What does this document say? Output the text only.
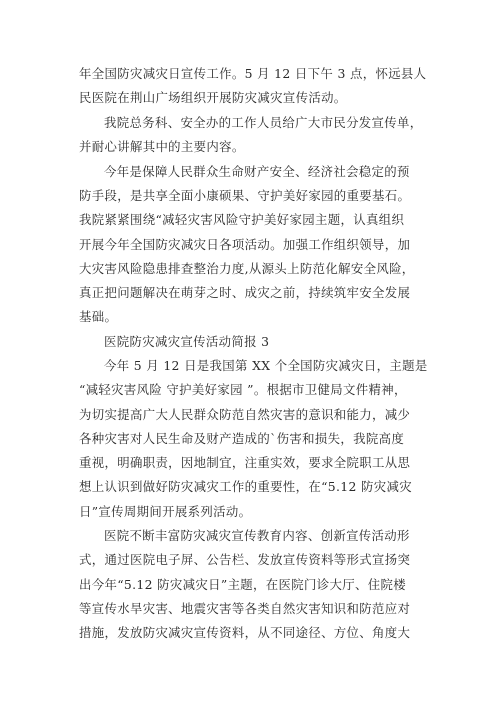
年全国防灾减灾日宣传工作。5 月 12 日下午 3 点，怀远县人
民医院在荆山广场组织开展防灾减灾宣传活动。
我院总务科、安全办的工作人员给广大市民分发宣传单，
并耐心讲解其中的主要内容。
今年是保障人民群众生命财产安全、经济社会稳定的预
防手段，是共享全面小康硕果、守护美好家园的重要基石。
我院紧紧围绕“减轻灾害风险守护美好家园主题，认真组织
开展今年全国防灾减灾日各项活动。加强工作组织领导，加
大灾害风险隐患排查整治力度,从源头上防范化解安全风险，
真正把问题解决在萌芽之时、成灾之前，持续筑牢安全发展
基础。
医院防灾减灾宣传活动简报 3
今年 5 月 12 日是我国第 XX 个全国防灾减灾日，主题是
“减轻灾害风险 守护美好家园 ”。根据市卫健局文件精神，
为切实提高广大人民群众防范自然灾害的意识和能力，减少
各种灾害对人民生命及财产造成的`伤害和损失，我院高度
重视，明确职责，因地制宜，注重实效，要求全院职工从思
想上认识到做好防灾减灾工作的重要性，在“5.12 防灾减灾
日”宣传周期间开展系列活动。
医院不断丰富防灾减灾宣传教育内容、创新宣传活动形
式，通过医院电子屏、公告栏、发放宣传资料等形式宣扬突
出今年“5.12 防灾减灾日”主题，在医院门诊大厅、住院楼
等宣传水旱灾害、地震灾害等各类自然灾害知识和防范应对
措施，发放防灾减灾宣传资料，从不同途径、方位、角度大
